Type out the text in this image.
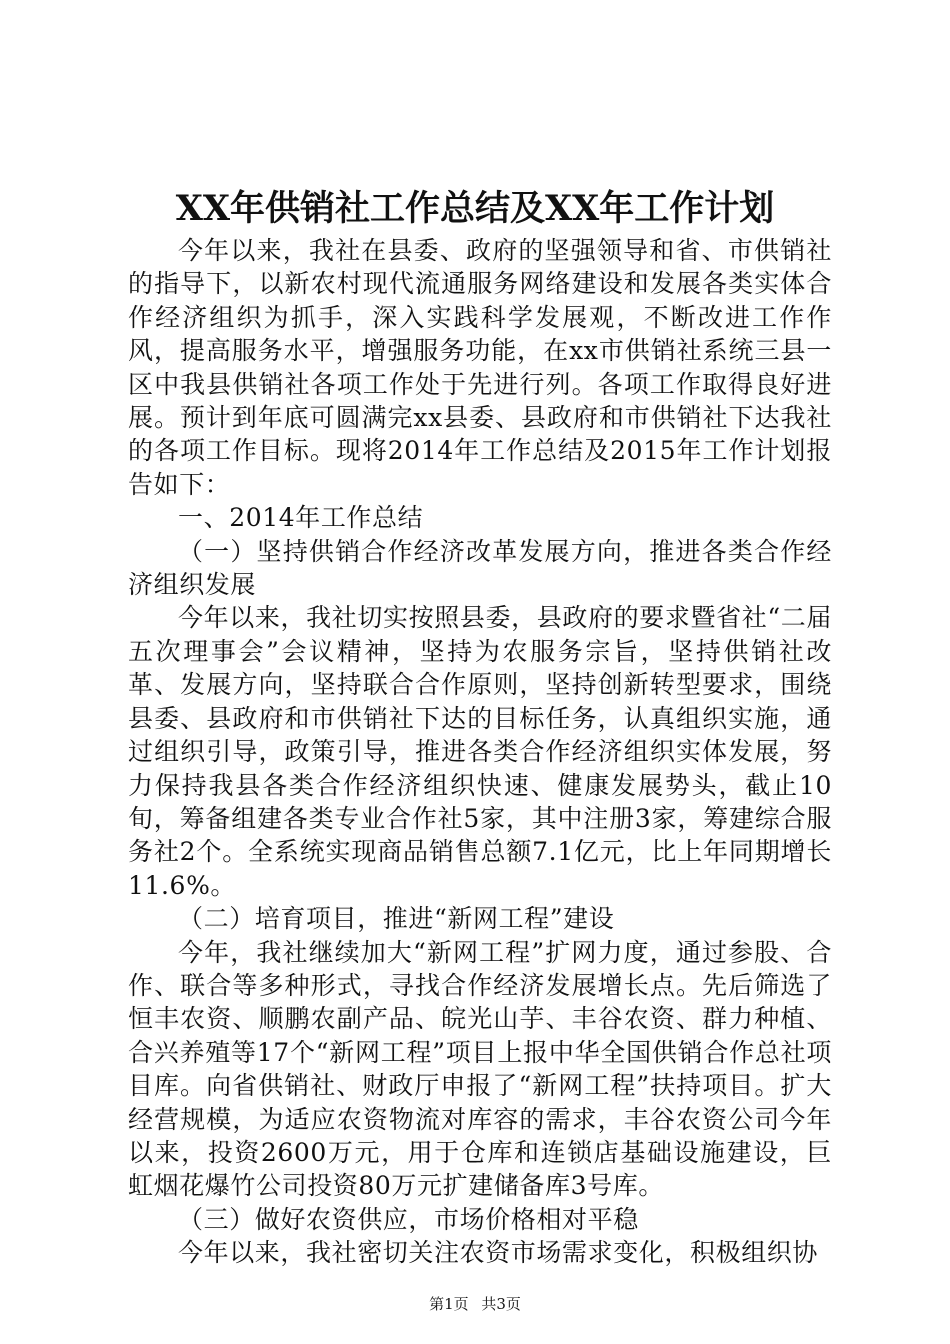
XX年供销社工作总结及XX年工作计划

今年以来，我社在县委、政府的坚强领导和省、市供销社的指导下，以新农村现代流通服务网络建设和发展各类实体合作经济组织为抓手，深入实践科学发展观，不断改进工作作风，提高服务水平，增强服务功能，在xx市供销社系统三县一区中我县供销社各项工作处于先进行列。各项工作取得良好进展。预计到年底可圆满完xx县委、县政府和市供销社下达我社的各项工作目标。现将2014年工作总结及2015年工作计划报告如下：

一、2014年工作总结

（一）坚持供销合作经济改革发展方向，推进各类合作经济组织发展

今年以来，我社切实按照县委，县政府的要求暨省社“二届五次理事会”会议精神，坚持为农服务宗旨，坚持供销社改革、发展方向，坚持联合合作原则，坚持创新转型要求，围绕县委、县政府和市供销社下达的目标任务，认真组织实施，通过组织引导，政策引导，推进各类合作经济组织实体发展，努力保持我县各类合作经济组织快速、健康发展势头，截止10旬，筹备组建各类专业合作社5家，其中注册3家，筹建综合服务社2个。全系统实现商品销售总额7.1亿元，比上年同期增长11.6%。

（二）培育项目，推进“新网工程”建设

今年，我社继续加大“新网工程”扩网力度，通过参股、合作、联合等多种形式，寻找合作经济发展增长点。先后筛选了恒丰农资、顺鹏农副产品、皖光山芋、丰谷农资、群力种植、合兴养殖等17个“新网工程”项目上报中华全国供销合作总社项目库。向省供销社、财政厅申报了“新网工程”扶持项目。扩大经营规模，为适应农资物流对库容的需求，丰谷农资公司今年以来，投资2600万元，用于仓库和连锁店基础设施建设，巨虹烟花爆竹公司投资80万元扩建储备库3号库。

（三）做好农资供应，市场价格相对平稳

今年以来，我社密切关注农资市场需求变化，积极组织协

第1页 共3页
